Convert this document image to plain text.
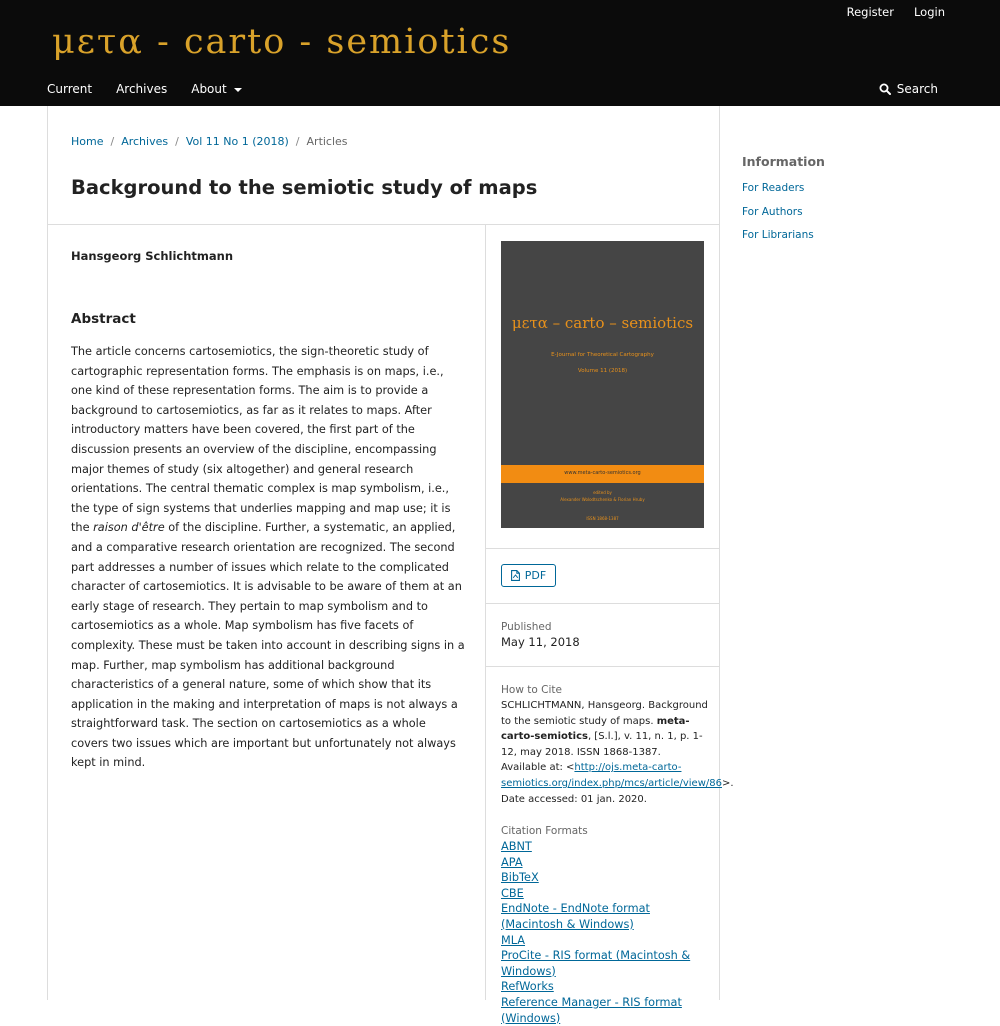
Register Login
μετα - carto - semiotics
Current Archives About	Search
Home / Archives / Vol 11 No 1 (2018) / Articles
Background to the semiotic study of maps
Hansgeorg Schlichtmann
Abstract

The article concerns cartosemiotics, the sign-theoretic study of cartographic representation forms. The emphasis is on maps, i.e., one kind of these representation forms. The aim is to provide a background to cartosemiotics, as far as it relates to maps. After introductory matters have been covered, the first part of the discussion presents an overview of the discipline, encompassing major themes of study (six altogether) and general research orientations. The central thematic complex is map symbolism, i.e., the type of sign systems that underlies mapping and map use; it is the raison d'être of the discipline. Further, a systematic, an applied, and a comparative research orientation are recognized. The second part addresses a number of issues which relate to the complicated character of cartosemiotics. It is advisable to be aware of them at an early stage of research. They pertain to map symbolism and to cartosemiotics as a whole. Map symbolism has five facets of complexity. These must be taken into account in describing signs in a map. Further, map symbolism has additional background characteristics of a general nature, some of which show that its application in the making and interpretation of maps is not always a straightforward task. The section on cartosemiotics as a whole covers two issues which are important but unfortunately not always kept in mind.

μετα – carto – semiotics
E-Journal for Theoretical Cartography
Volume 11 (2018)
www.meta-carto-semiotics.org
edited by
Alexander Wolodtschenko & Florian Hruby
ISSN 1868-1387
PDF
Published
May 11, 2018
How to Cite
SCHLICHTMANN, Hansgeorg. Background to the semiotic study of maps. meta-carto-semiotics, [S.l.], v. 11, n. 1, p. 1-12, may 2018. ISSN 1868-1387. Available at: <http://ojs.meta-carto-semiotics.org/index.php/mcs/article/view/86>. Date accessed: 01 jan. 2020.
Citation Formats
ABNT
APA
BibTeX
CBE
EndNote - EndNote format (Macintosh & Windows)
MLA
ProCite - RIS format (Macintosh & Windows)
RefWorks
Reference Manager - RIS format (Windows)
Information
For Readers
For Authors
For Librarians
